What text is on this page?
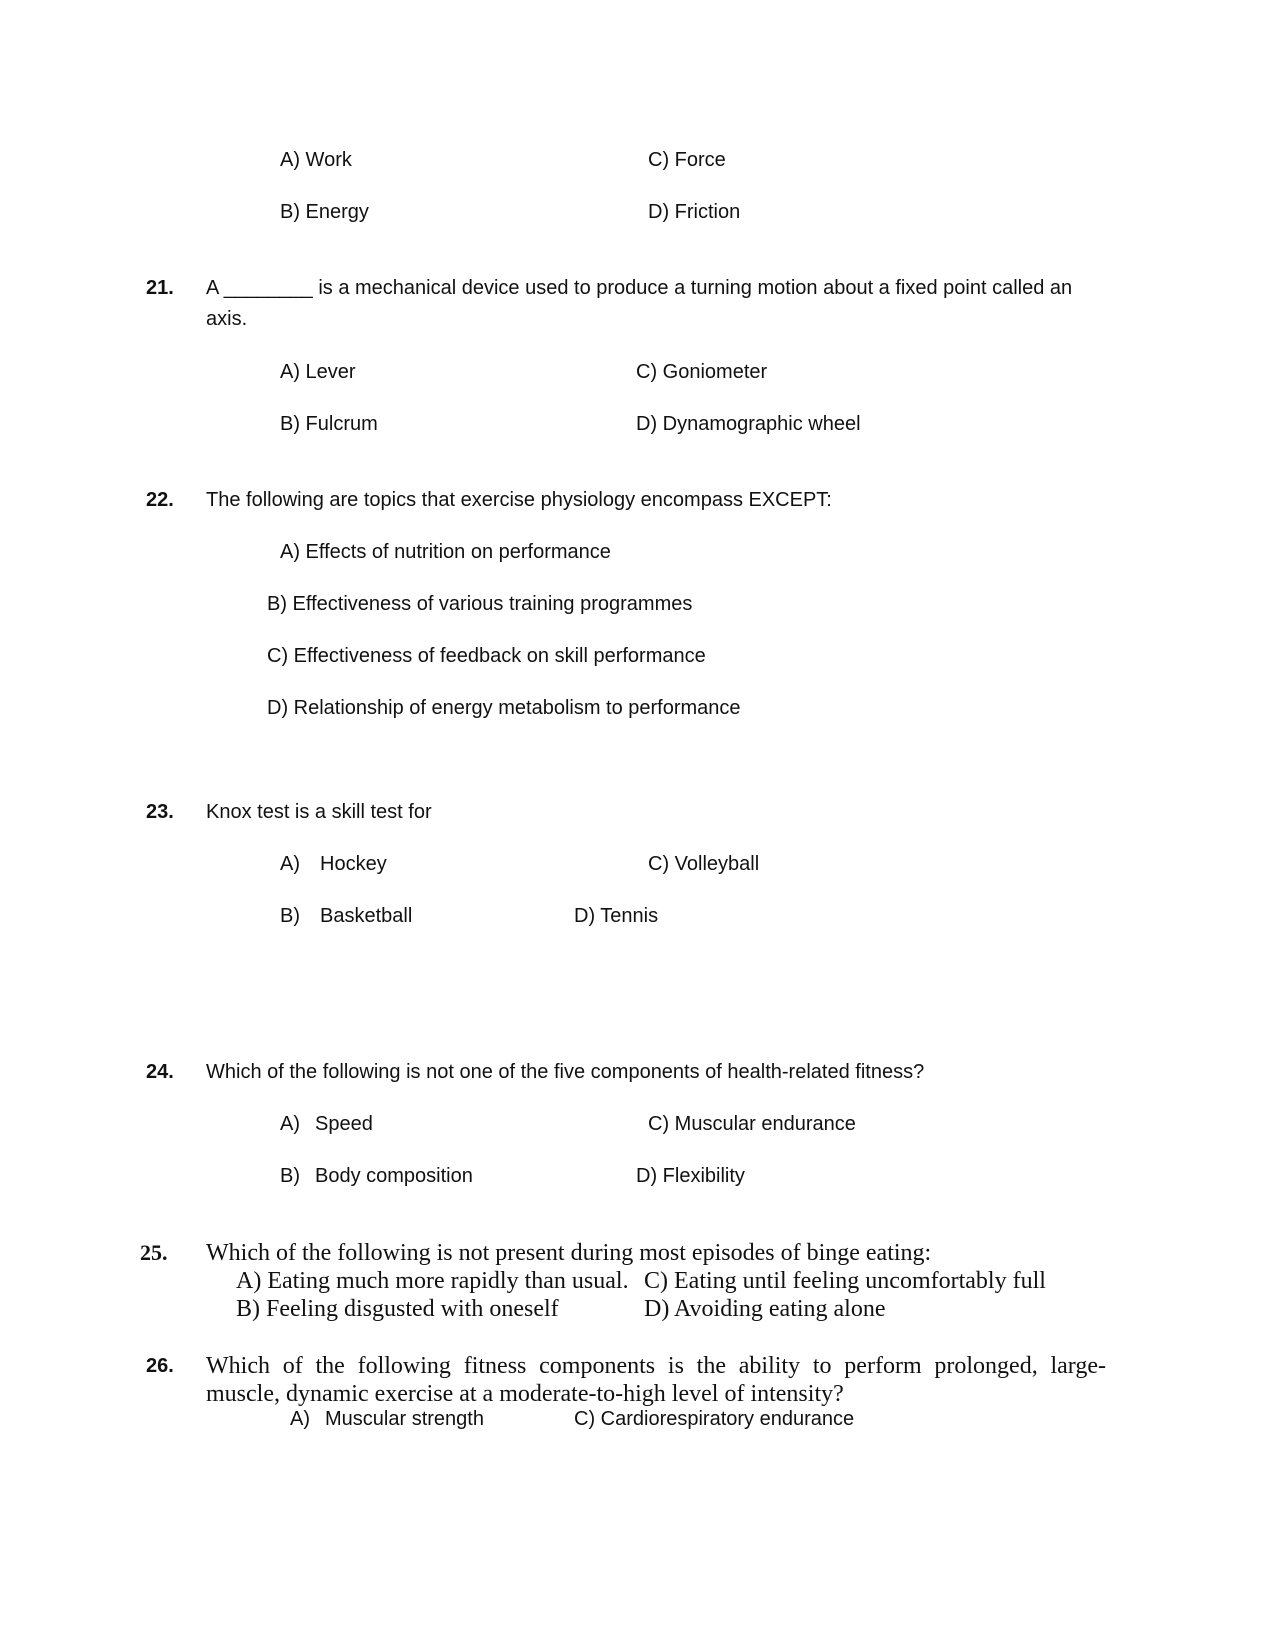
A) Work	C) Force
B) Energy	D) Friction
21. A ________ is a mechanical device used to produce a turning motion about a fixed point called an
axis.
A) Lever	C) Goniometer
B) Fulcrum	D) Dynamographic wheel
22. The following are topics that exercise physiology encompass EXCEPT:
A) Effects of nutrition on performance
B) Effectiveness of various training programmes
C) Effectiveness of feedback on skill performance
D) Relationship of energy metabolism to performance
23. Knox test is a skill test for
A) Hockey	C) Volleyball
B) Basketball	D) Tennis
24. Which of the following is not one of the five components of health-related fitness?
A) Speed	C) Muscular endurance
B) Body composition	D) Flexibility
25. Which of the following is not present during most episodes of binge eating:
A) Eating much more rapidly than usual. C) Eating until feeling uncomfortably full
B) Feeling disgusted with oneself	D) Avoiding eating alone
26. Which of the following fitness components is the ability to perform prolonged, large-
muscle, dynamic exercise at a moderate-to-high level of intensity?
A) Muscular strength	C) Cardiorespiratory endurance
